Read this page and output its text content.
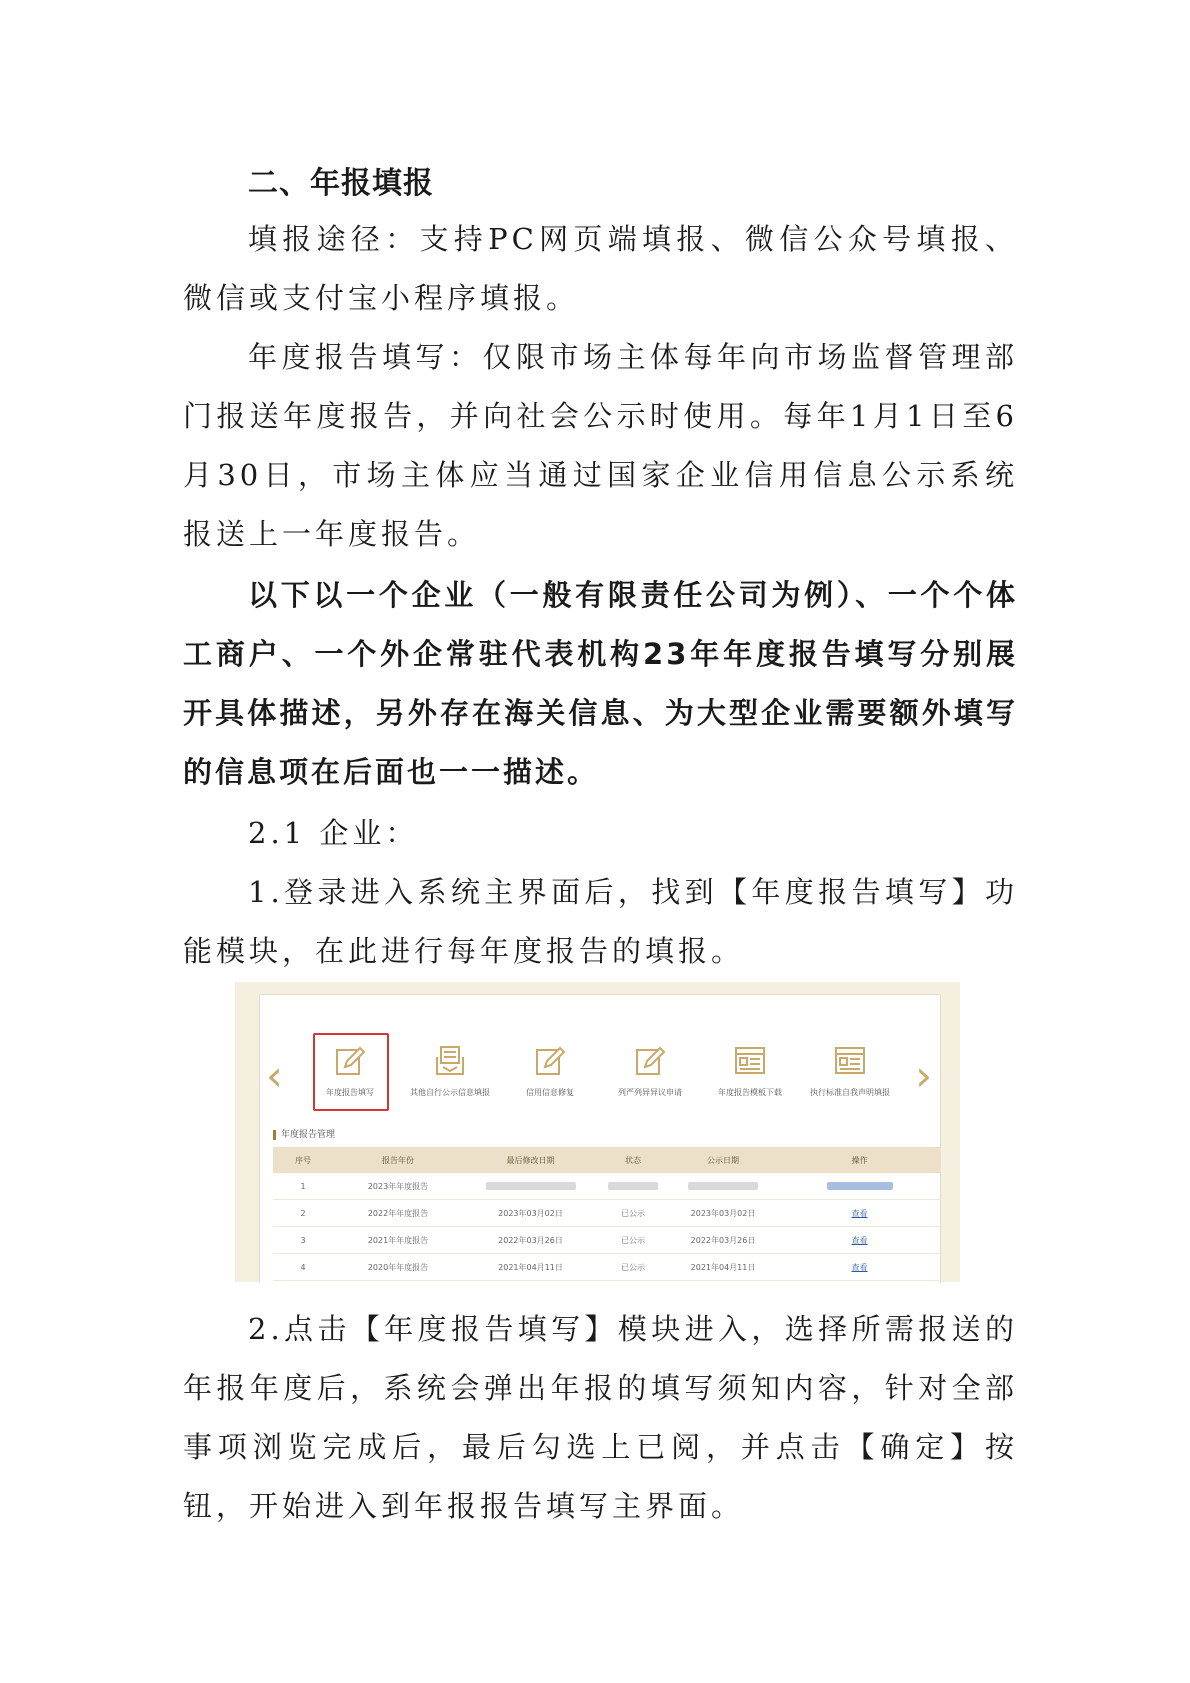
二、年报填报

填报途径：支持PC网页端填报、微信公众号填报、微信或支付宝小程序填报。

年度报告填写：仅限市场主体每年向市场监督管理部门报送年度报告，并向社会公示时使用。每年1月1日至6月30日，市场主体应当通过国家企业信用信息公示系统报送上一年度报告。

以下以一个企业（一般有限责任公司为例）、一个个体工商户、一个外企常驻代表机构23年年度报告填写分别展开具体描述，另外存在海关信息、为大型企业需要额外填写的信息项在后面也一一描述。

2.1 企业：

1.登录进入系统主界面后，找到【年度报告填写】功能模块，在此进行每年度报告的填报。

‹	›
年度报告填写	其他自行公示信息填报	信用信息修复	列严列异异议申请	年度报告模板下载	执行标准自我声明填报
年度报告管理
序号	报告年份	最后修改日期	状态	公示日期	操作
1	2023年年度报告				
2	2022年年度报告	2023年03月02日	已公示	2023年03月02日	查看
3	2021年年度报告	2022年03月26日	已公示	2022年03月26日	查看
4	2020年年度报告	2021年04月11日	已公示	2021年04月11日	查看

2.点击【年度报告填写】模块进入，选择所需报送的年报年度后，系统会弹出年报的填写须知内容，针对全部事项浏览完成后，最后勾选上已阅，并点击【确定】按钮，开始进入到年报报告填写主界面。
